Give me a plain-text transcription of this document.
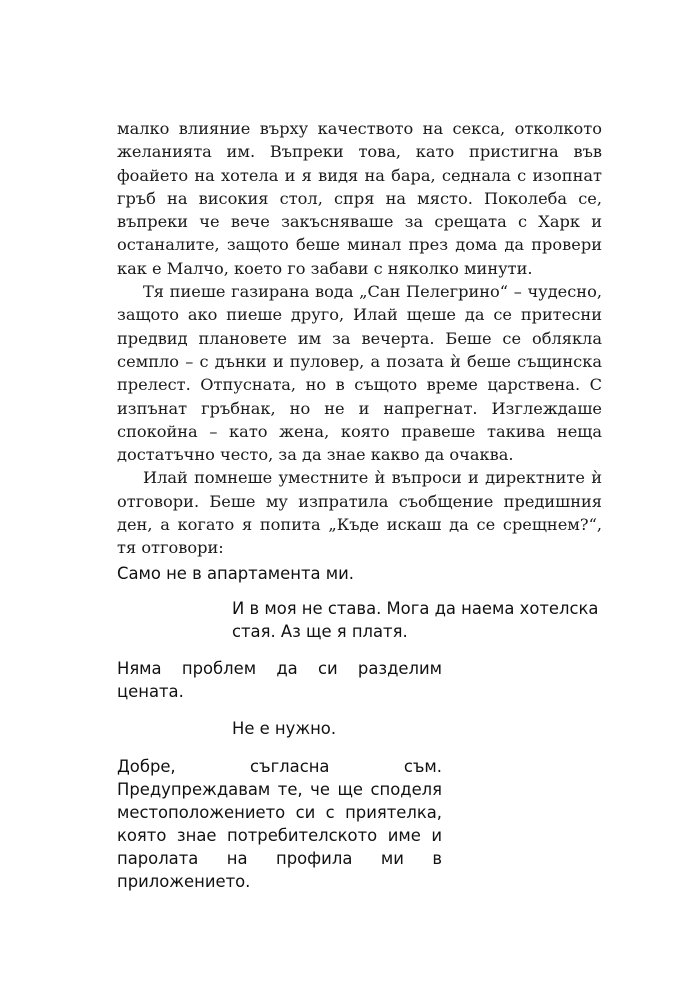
малко влияние върху качеството на секса, отколкото желанията им. Въпреки това, като пристигна във фоайето на хотела и я видя на бара, седнала с изопнат гръб на високия стол, спря на място. Поколеба се, въпреки че вече закъсняваше за срещата с Харк и останалите, защото беше минал през дома да провери как е Малчо, което го забави с няколко минути.

Тя пиеше газирана вода „Сан Пелегрино“ – чудесно, защото ако пиеше друго, Илай щеше да се притесни предвид плановете им за вечерта. Беше се облякла семпло – с дънки и пуловер, а позата ѝ беше същинска прелест. Отпусната, но в същото време царствена. С изпънат гръбнак, но не и напрегнат. Изглеждаше спокойна – като жена, която правеше такива неща достатъчно често, за да знае какво да очаква.

Илай помнеше уместните ѝ въпроси и директните ѝ отговори. Беше му изпратила съобщение предишния ден, а когато я попита „Къде искаш да се срещнем?“, тя отговори:

Само не в апартамента ми.

И в моя не става. Мога да наема хотелска стая. Аз ще я платя.

Няма проблем да си разделим цената.

Не е нужно.

Добре, съгласна съм. Предупреждавам те, че ще споделя местоположението си с приятелка, която знае потребителското име и паролата на профила ми в приложението.
